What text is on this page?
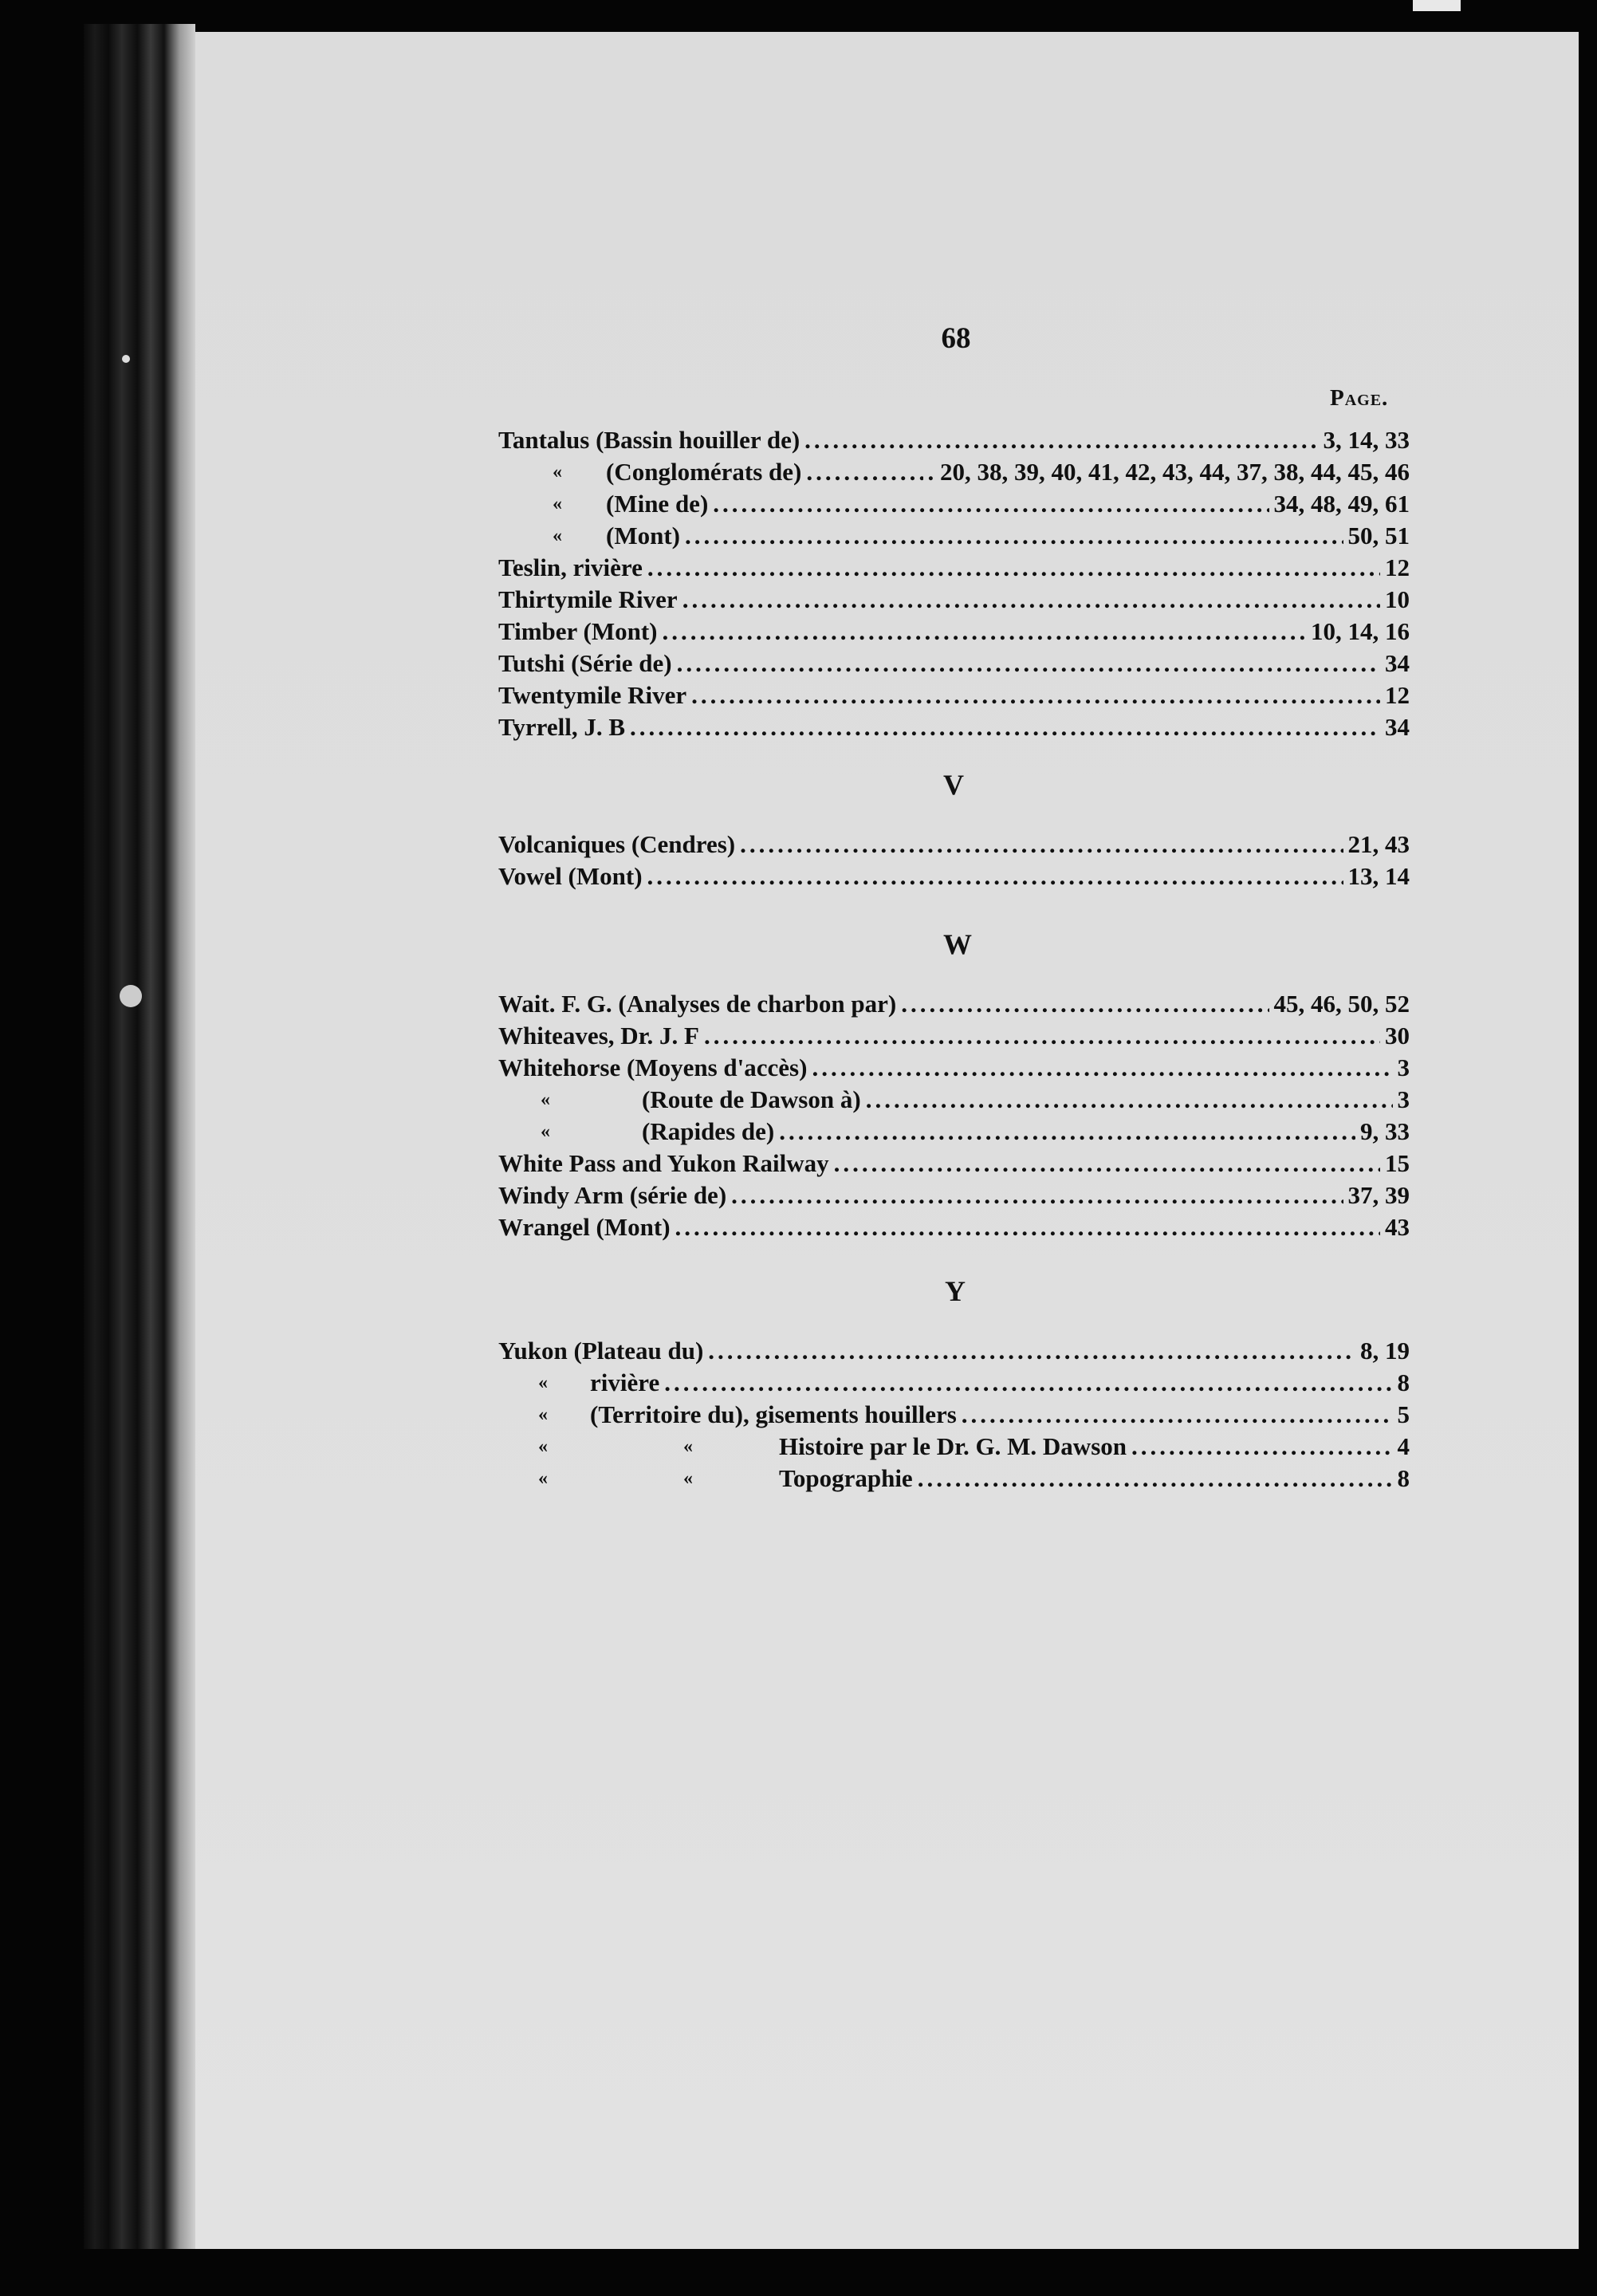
68
Page.
Tantalus (Bassin houiller de) .....	3, 14, 33
« (Conglomérats de) .....	. 20, 38, 39, 40, 41, 42, 43, 44, 37, 38, 44, 45, 46
« (Mine de) .....	34, 48, 49, 61
« (Mont) .....	50, 51
Teslin, rivière .....	12
Thirtymile River .....	10
Timber (Mont) .....	10, 14, 16
Tutshi (Série de) .....	34
Twentymile River .....	12
Tyrrell, J. B .....	34
V
Volcaniques (Cendres) .....	21, 43
Vowel (Mont) .....	13, 14
W
Wait. F. G. (Analyses de charbon par) .....	45, 46, 50, 52
Whiteaves, Dr. J. F .....	30
Whitehorse (Moyens d'accès) .....	3
«	(Route de Dawson à) .....	3
«	(Rapides de) .....	9, 33
White Pass and Yukon Railway .....	15
Windy Arm (série de) .....	37, 39
Wrangel (Mont) .....	43
Y
Yukon (Plateau du) .....	8, 19
« rivière .....	8
« (Territoire du), gisements houillers .....	5
«	«	Histoire par le Dr. G. M. Dawson .....	4
«	«	Topographie .....	8
